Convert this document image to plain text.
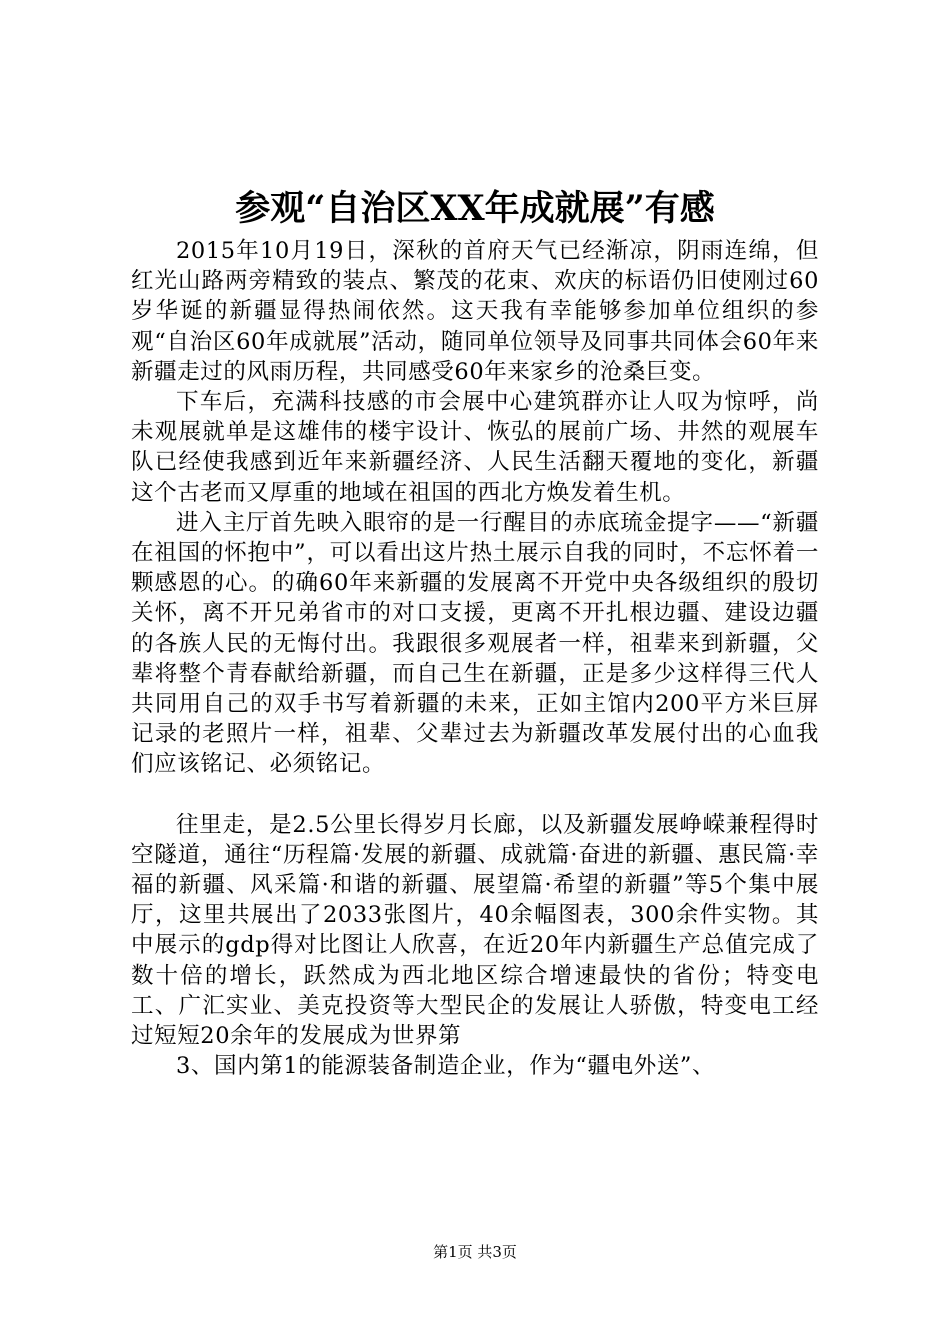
参观“自治区XX年成就展”有感

2015年10月19日，深秋的首府天气已经渐凉，阴雨连绵，但红光山路两旁精致的装点、繁茂的花束、欢庆的标语仍旧使刚过60岁华诞的新疆显得热闹依然。这天我有幸能够参加单位组织的参观“自治区60年成就展”活动，随同单位领导及同事共同体会60年来新疆走过的风雨历程，共同感受60年来家乡的沧桑巨变。

下车后，充满科技感的市会展中心建筑群亦让人叹为惊呼，尚未观展就单是这雄伟的楼宇设计、恢弘的展前广场、井然的观展车队已经使我感到近年来新疆经济、人民生活翻天覆地的变化，新疆这个古老而又厚重的地域在祖国的西北方焕发着生机。

进入主厅首先映入眼帘的是一行醒目的赤底琉金提字——“新疆在祖国的怀抱中”，可以看出这片热土展示自我的同时，不忘怀着一颗感恩的心。的确60年来新疆的发展离不开党中央各级组织的殷切关怀，离不开兄弟省市的对口支援，更离不开扎根边疆、建设边疆的各族人民的无悔付出。我跟很多观展者一样，祖辈来到新疆，父辈将整个青春献给新疆，而自己生在新疆，正是多少这样得三代人共同用自己的双手书写着新疆的未来，正如主馆内200平方米巨屏记录的老照片一样，祖辈、父辈过去为新疆改革发展付出的心血我们应该铭记、必须铭记。

往里走，是2.5公里长得岁月长廊，以及新疆发展峥嵘兼程得时空隧道，通往“历程篇·发展的新疆、成就篇·奋进的新疆、惠民篇·幸福的新疆、风采篇·和谐的新疆、展望篇·希望的新疆”等5个集中展厅，这里共展出了2033张图片，40余幅图表，300余件实物。其中展示的gdp得对比图让人欣喜，在近20年内新疆生产总值完成了数十倍的增长，跃然成为西北地区综合增速最快的省份；特变电工、广汇实业、美克投资等大型民企的发展让人骄傲，特变电工经过短短20余年的发展成为世界第

3、国内第1的能源装备制造企业，作为“疆电外送”、

第1页 共3页
